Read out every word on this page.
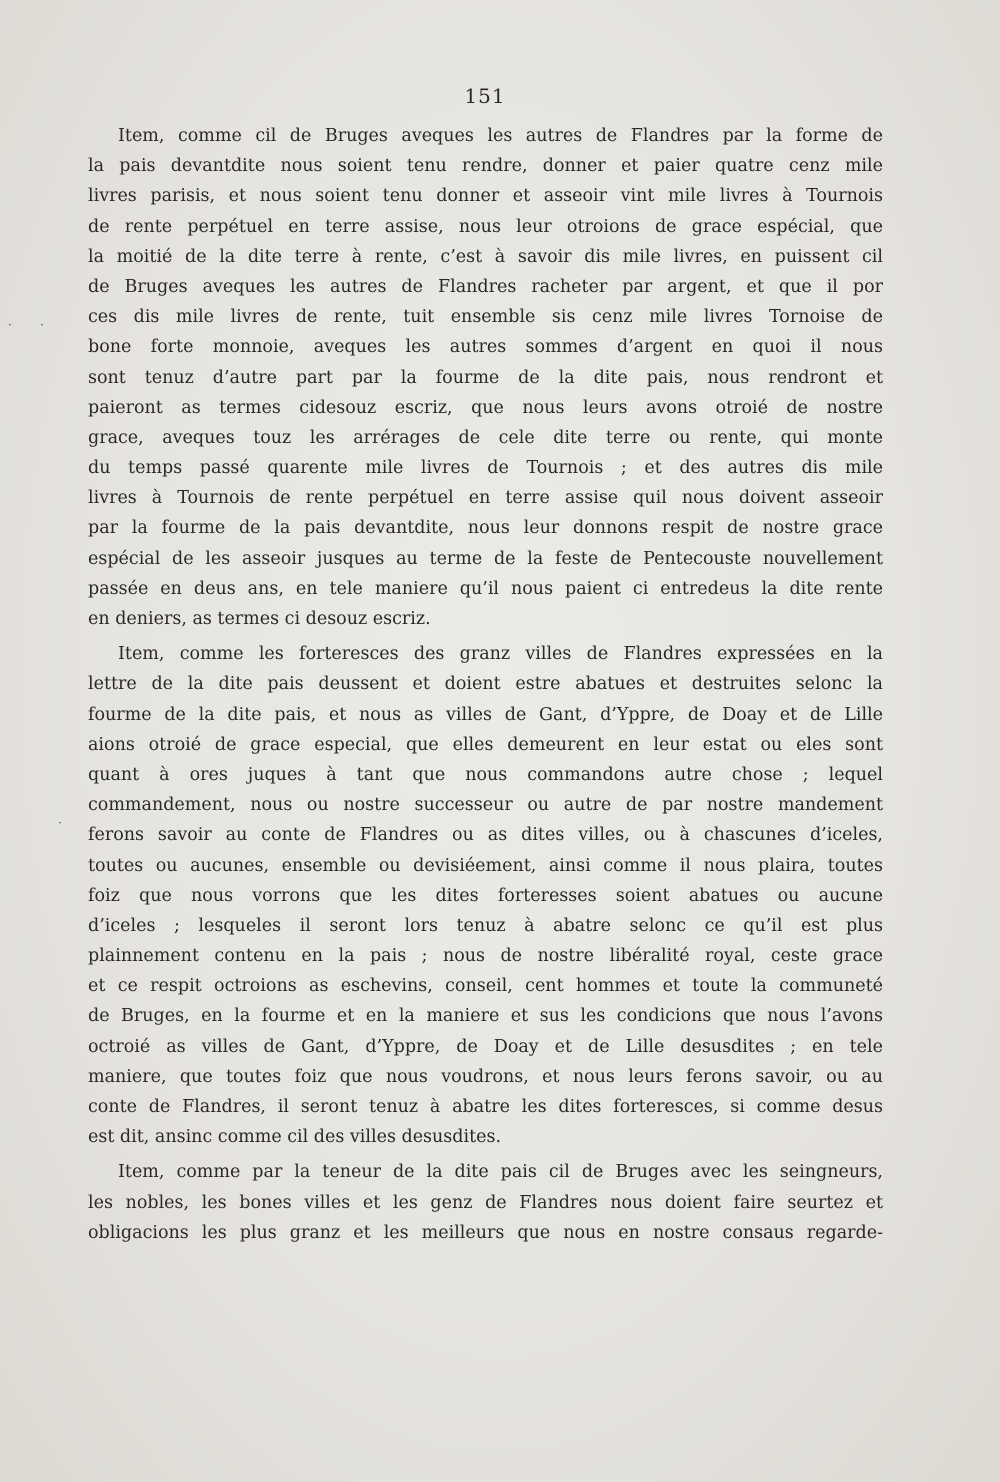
151
Item, comme cil de Bruges aveques les autres de Flandres par la forme de
la pais devantdite nous soient tenu rendre, donner et paier quatre cenz mile
livres parisis, et nous soient tenu donner et asseoir vint mile livres à Tournois
de rente perpétuel en terre assise, nous leur otroions de grace espécial, que
la moitié de la dite terre à rente, c’est à savoir dis mile livres, en puissent cil
de Bruges aveques les autres de Flandres racheter par argent, et que il por
ces dis mile livres de rente, tuit ensemble sis cenz mile livres Tornoise de
bone forte monnoie, aveques les autres sommes d’argent en quoi il nous
sont tenuz d’autre part par la fourme de la dite pais, nous rendront et
paieront as termes cidesouz escriz, que nous leurs avons otroié de nostre
grace, aveques touz les arrérages de cele dite terre ou rente, qui monte
du temps passé quarente mile livres de Tournois ; et des autres dis mile
livres à Tournois de rente perpétuel en terre assise quil nous doivent asseoir
par la fourme de la pais devantdite, nous leur donnons respit de nostre grace
espécial de les asseoir jusques au terme de la feste de Pentecouste nouvellement
passée en deus ans, en tele maniere qu’il nous paient ci entredeus la dite rente
en deniers, as termes ci desouz escriz.
Item, comme les forteresces des granz villes de Flandres expressées en la
lettre de la dite pais deussent et doient estre abatues et destruites selonc la
fourme de la dite pais, et nous as villes de Gant, d’Yppre, de Doay et de Lille
aions otroié de grace especial, que elles demeurent en leur estat ou eles sont
quant à ores juques à tant que nous commandons autre chose ; lequel
commandement, nous ou nostre successeur ou autre de par nostre mandement
ferons savoir au conte de Flandres ou as dites villes, ou à chascunes d’iceles,
toutes ou aucunes, ensemble ou devisiéement, ainsi comme il nous plaira, toutes
foiz que nous vorrons que les dites forteresses soient abatues ou aucune
d’iceles ; lesqueles il seront lors tenuz à abatre selonc ce qu’il est plus
plainnement contenu en la pais ; nous de nostre libéralité royal, ceste grace
et ce respit octroions as eschevins, conseil, cent hommes et toute la communeté
de Bruges, en la fourme et en la maniere et sus les condicions que nous l’avons
octroié as villes de Gant, d’Yppre, de Doay et de Lille desusdites ; en tele
maniere, que toutes foiz que nous voudrons, et nous leurs ferons savoir, ou au
conte de Flandres, il seront tenuz à abatre les dites forteresces, si comme desus
est dit, ansinc comme cil des villes desusdites.
Item, comme par la teneur de la dite pais cil de Bruges avec les seingneurs,
les nobles, les bones villes et les genz de Flandres nous doient faire seurtez et
obligacions les plus granz et les meilleurs que nous en nostre consaus regarde-
· ·
·
